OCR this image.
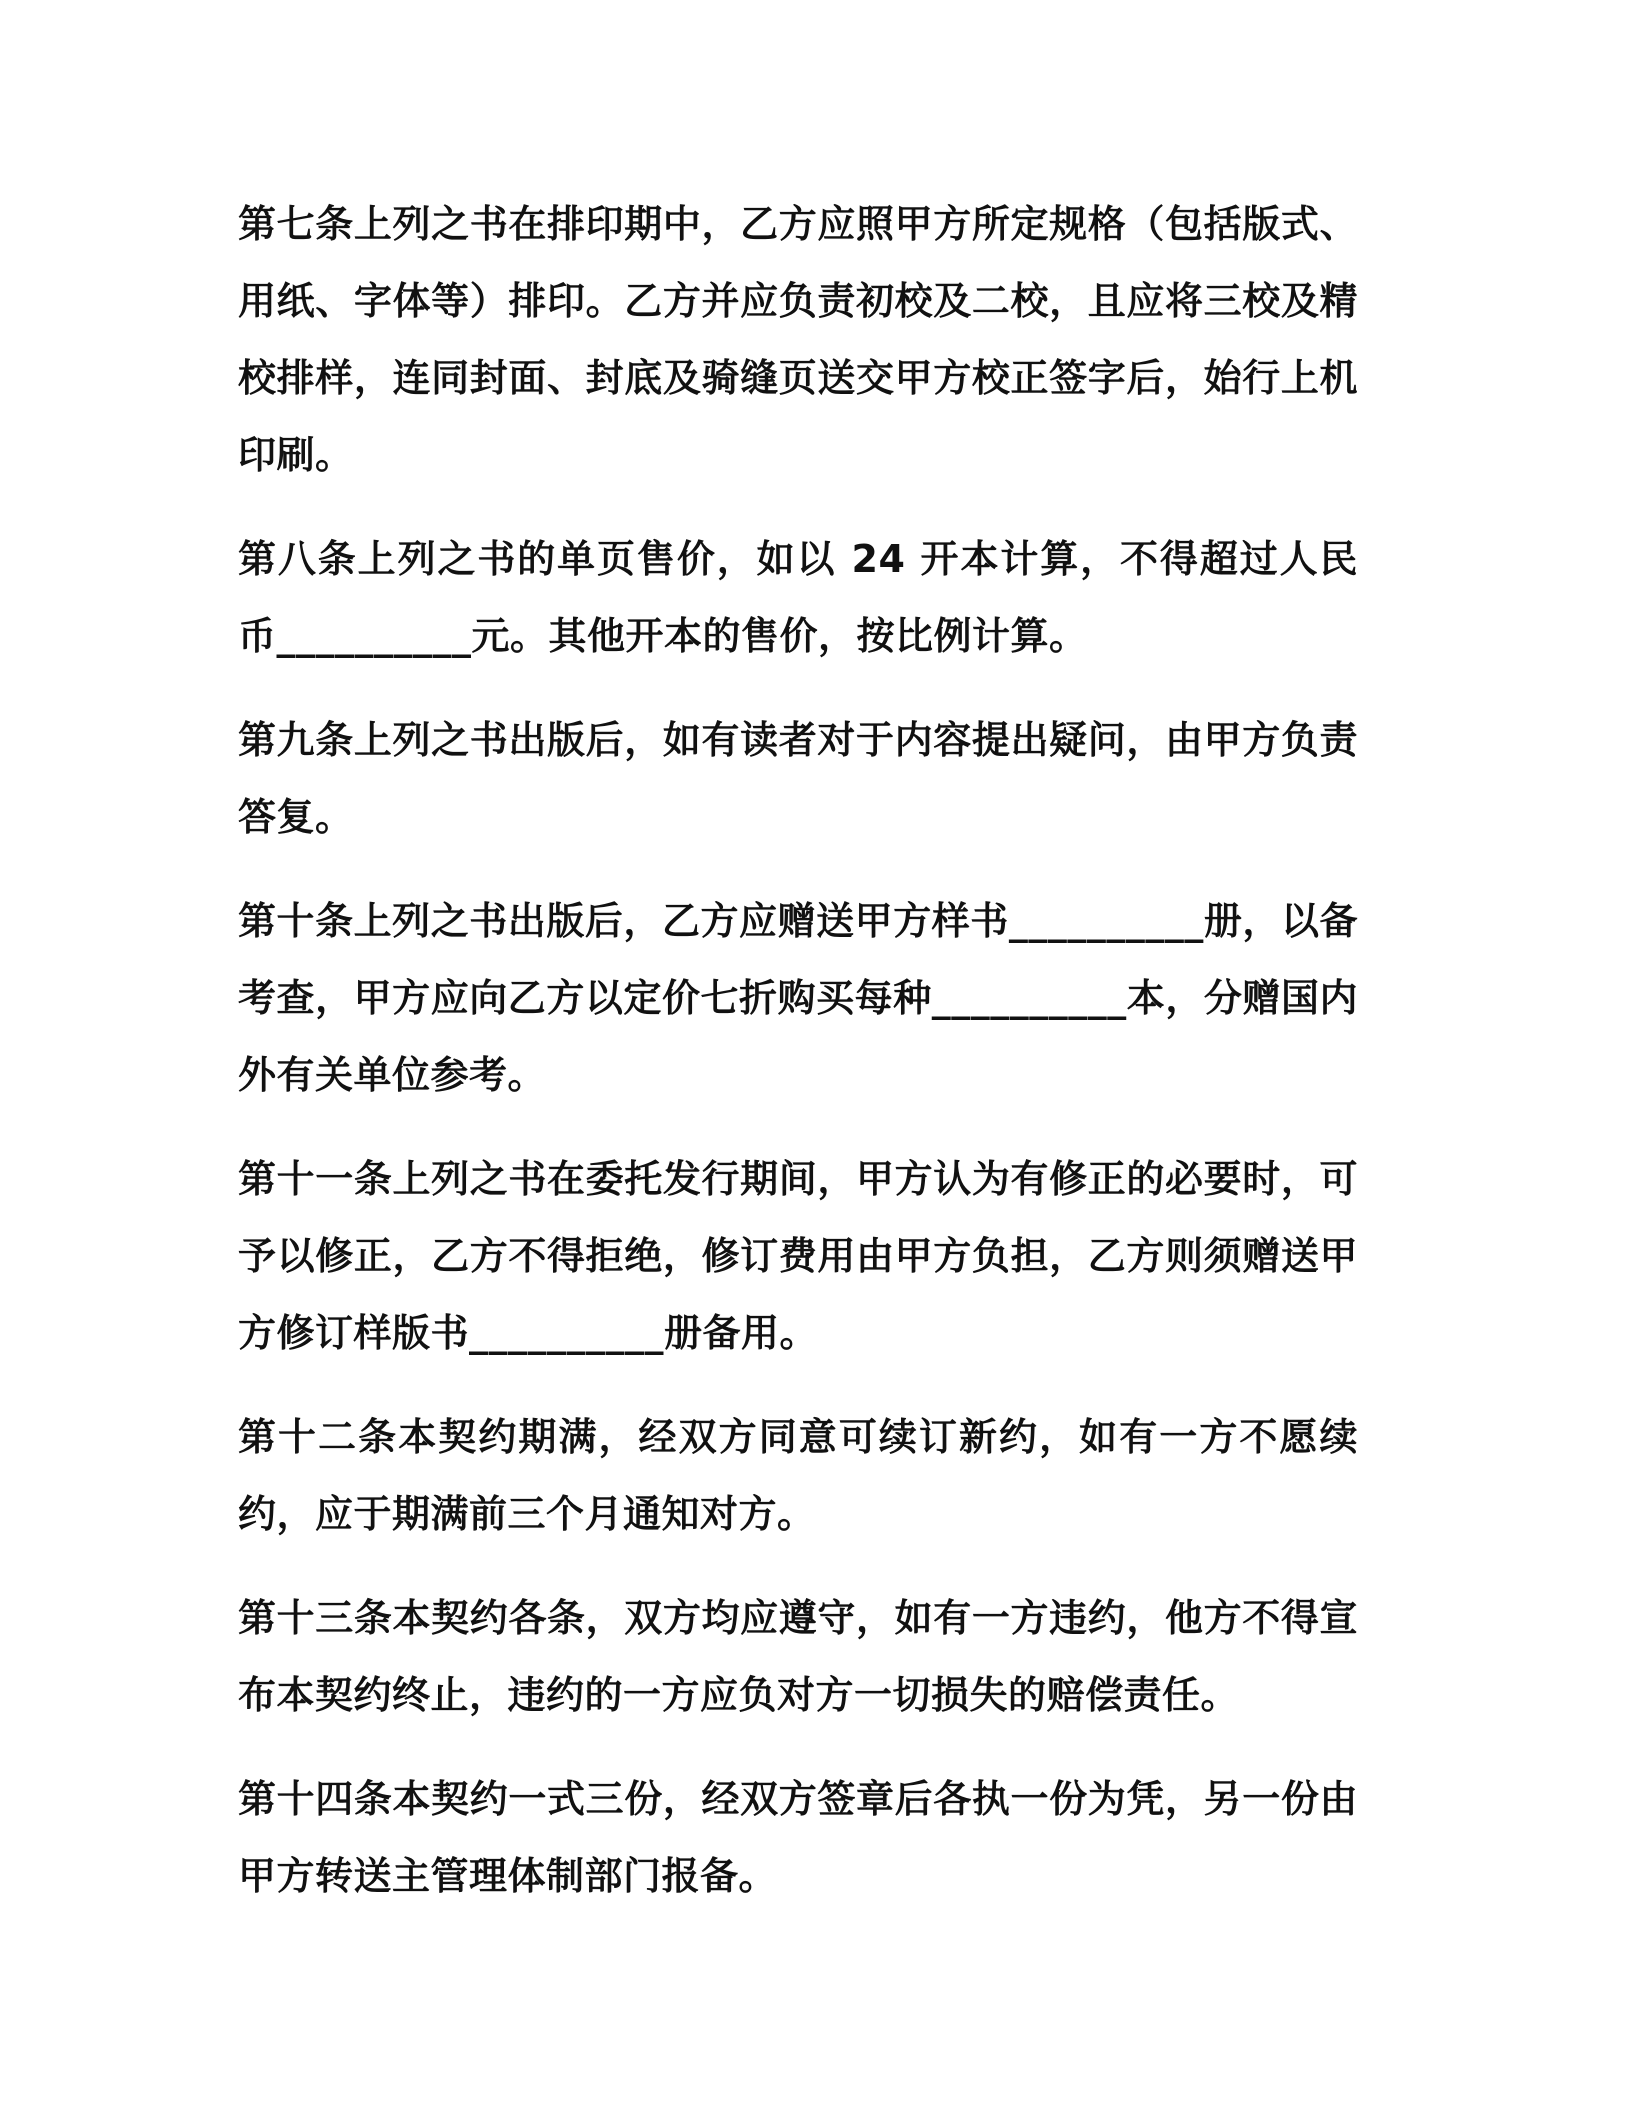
第七条上列之书在排印期中，乙方应照甲方所定规格（包括版式、用纸、字体等）排印。乙方并应负责初校及二校，且应将三校及精校排样，连同封面、封底及骑缝页送交甲方校正签字后，始行上机印刷。

第八条上列之书的单页售价，如以 24 开本计算，不得超过人民币__________元。其他开本的售价，按比例计算。

第九条上列之书出版后，如有读者对于内容提出疑问，由甲方负责答复。

第十条上列之书出版后，乙方应赠送甲方样书__________册，以备考查，甲方应向乙方以定价七折购买每种__________本，分赠国内外有关单位参考。

第十一条上列之书在委托发行期间，甲方认为有修正的必要时，可予以修正，乙方不得拒绝，修订费用由甲方负担，乙方则须赠送甲方修订样版书__________册备用。

第十二条本契约期满，经双方同意可续订新约，如有一方不愿续约，应于期满前三个月通知对方。

第十三条本契约各条，双方均应遵守，如有一方违约，他方不得宣布本契约终止，违约的一方应负对方一切损失的赔偿责任。

第十四条本契约一式三份，经双方签章后各执一份为凭，另一份由甲方转送主管理体制部门报备。
